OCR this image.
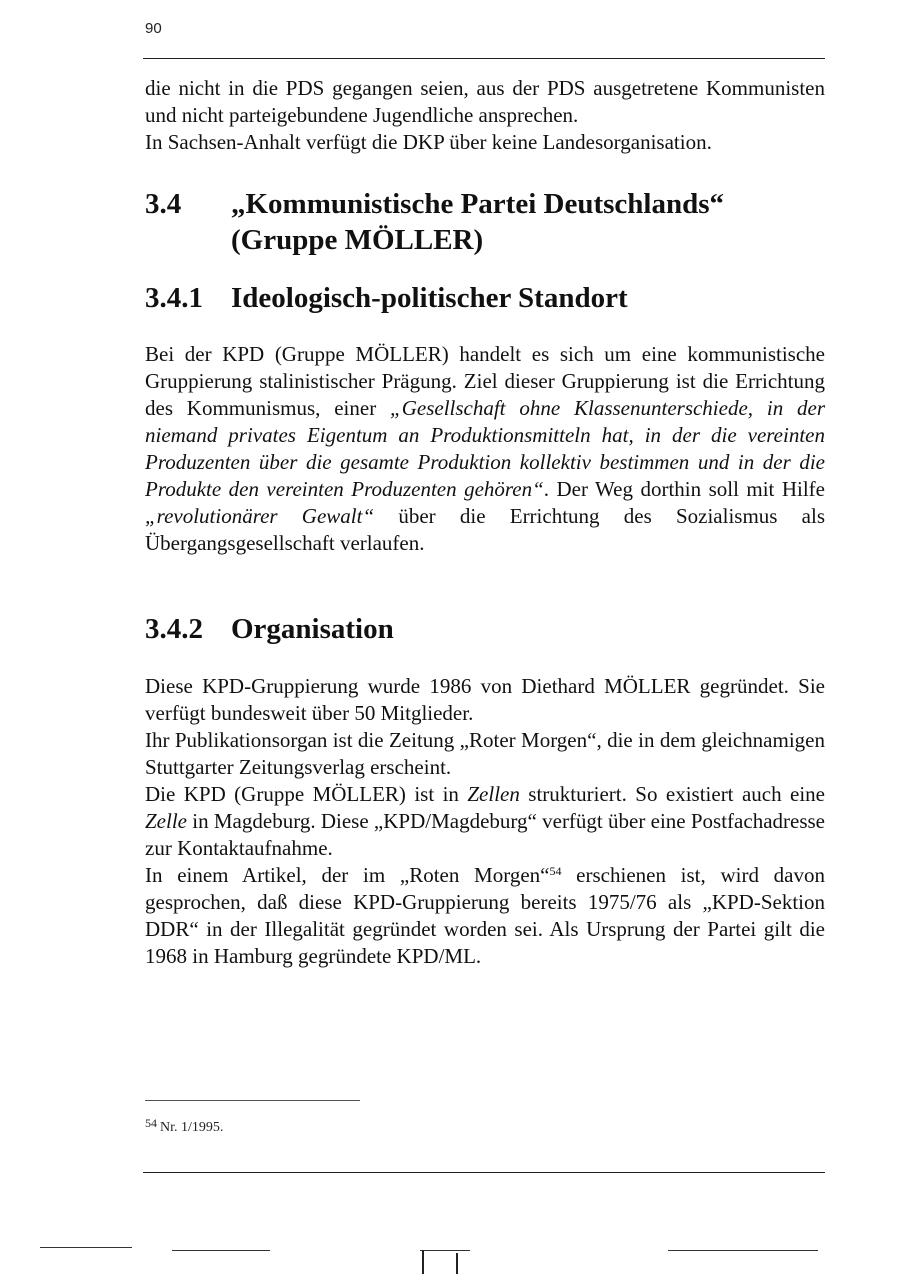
90

die nicht in die PDS gegangen seien, aus der PDS ausgetretene Kommunisten und nicht parteigebundene Jugendliche ansprechen.

In Sachsen-Anhalt verfügt die DKP über keine Landesorganisation.

3.4	„Kommunistische Partei Deutschlands“
(Gruppe MÖLLER)
3.4.1 Ideologisch-politischer Standort

Bei der KPD (Gruppe MÖLLER) handelt es sich um eine kommunistische Gruppierung stalinistischer Prägung. Ziel dieser Gruppierung ist die Errichtung des Kommunismus, einer „Gesellschaft ohne Klassenunterschiede, in der niemand privates Eigentum an Produktionsmitteln hat, in der die vereinten Produzenten über die gesamte Produktion kollektiv bestimmen und in der die Produkte den vereinten Produzenten gehören“. Der Weg dorthin soll mit Hilfe „revolutionärer Gewalt“ über die Errichtung des Sozialismus als Übergangsgesellschaft verlaufen.

3.4.2 Organisation

Diese KPD-Gruppierung wurde 1986 von Diethard MÖLLER gegründet. Sie verfügt bundesweit über 50 Mitglieder.

Ihr Publikationsorgan ist die Zeitung „Roter Morgen“, die in dem gleichnamigen Stuttgarter Zeitungsverlag erscheint.

Die KPD (Gruppe MÖLLER) ist in Zellen strukturiert. So existiert auch eine Zelle in Magdeburg. Diese „KPD/Magdeburg“ verfügt über eine Postfachadresse zur Kontaktaufnahme.

In einem Artikel, der im „Roten Morgen“$^{54}$ erschienen ist, wird davon gesprochen, daß diese KPD-Gruppierung bereits 1975/76 als „KPD-Sektion DDR“ in der Illegalität gegründet worden sei. Als Ursprung der Partei gilt die 1968 in Hamburg gegründete KPD/ML.

54 Nr. 1/1995.
